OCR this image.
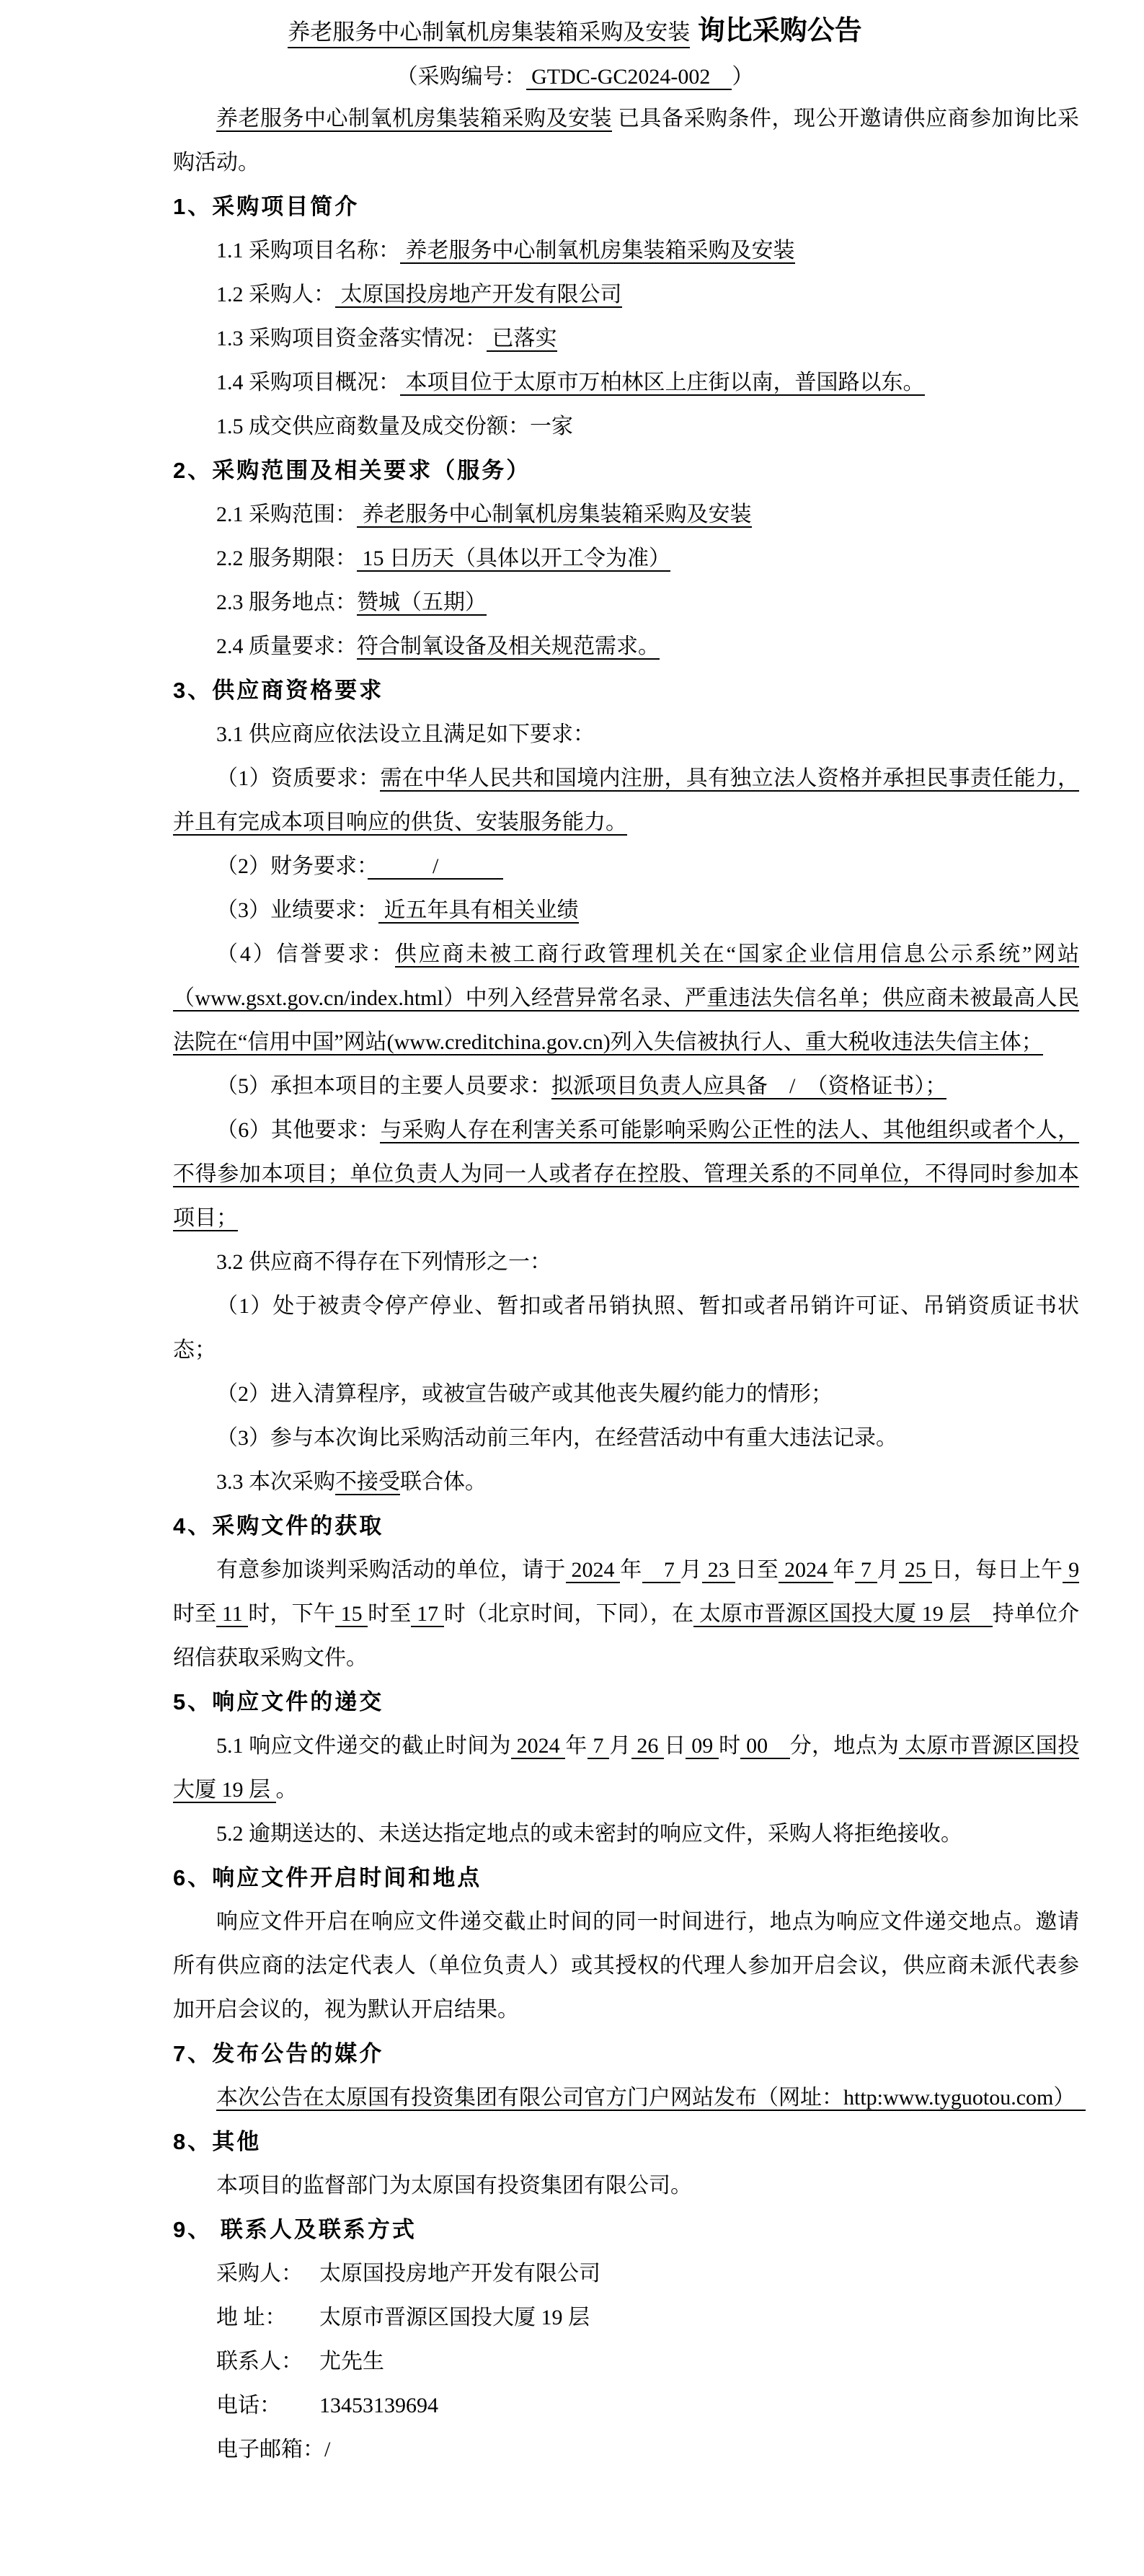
养老服务中心制氧机房集装箱采购及安装 询比采购公告
（采购编号： GTDC-GC2024-002　）
养老服务中心制氧机房集装箱采购及安装 已具备采购条件，现公开邀请供应商参加询比采购活动。
1、采购项目简介
1.1 采购项目名称： 养老服务中心制氧机房集装箱采购及安装
1.2 采购人： 太原国投房地产开发有限公司
1.3 采购项目资金落实情况： 已落实
1.4 采购项目概况： 本项目位于太原市万柏林区上庄街以南，普国路以东。
1.5 成交供应商数量及成交份额：一家
2、采购范围及相关要求（服务）
2.1 采购范围： 养老服务中心制氧机房集装箱采购及安装
2.2 服务期限： 15 日历天（具体以开工令为准）
2.3 服务地点：赞城（五期）
2.4 质量要求：符合制氧设备及相关规范需求。
3、供应商资格要求
3.1 供应商应依法设立且满足如下要求：
（1）资质要求：需在中华人民共和国境内注册，具有独立法人资格并承担民事责任能力，并且有完成本项目响应的供货、安装服务能力。
（2）财务要求：　　　/　　　
（3）业绩要求： 近五年具有相关业绩
（4）信誉要求：供应商未被工商行政管理机关在“国家企业信用信息公示系统”网站（www.gsxt.gov.cn/index.html）中列入经营异常名录、严重违法失信名单；供应商未被最高人民法院在“信用中国”网站(www.creditchina.gov.cn)列入失信被执行人、重大税收违法失信主体；
（5）承担本项目的主要人员要求：拟派项目负责人应具备　/　（资格证书）；
（6）其他要求：与采购人存在利害关系可能影响采购公正性的法人、其他组织或者个人，不得参加本项目；单位负责人为同一人或者存在控股、管理关系的不同单位，不得同时参加本项目；
3.2 供应商不得存在下列情形之一：
（1）处于被责令停产停业、暂扣或者吊销执照、暂扣或者吊销许可证、吊销资质证书状态；
（2）进入清算程序，或被宣告破产或其他丧失履约能力的情形；
（3）参与本次询比采购活动前三年内，在经营活动中有重大违法记录。
3.3 本次采购不接受联合体。
4、采购文件的获取
有意参加谈判采购活动的单位，请于 2024 年　7 月 23 日至 2024 年 7 月 25 日，每日上午 9 时至 11 时，下午 15 时至 17 时（北京时间，下同），在 太原市晋源区国投大厦 19 层　持单位介绍信获取采购文件。
5、响应文件的递交
5.1 响应文件递交的截止时间为 2024 年 7 月 26 日 09 时 00　分，地点为 太原市晋源区国投大厦 19 层 。
5.2 逾期送达的、未送达指定地点的或未密封的响应文件，采购人将拒绝接收。
6、响应文件开启时间和地点
响应文件开启在响应文件递交截止时间的同一时间进行，地点为响应文件递交地点。邀请所有供应商的法定代表人（单位负责人）或其授权的代理人参加开启会议，供应商未派代表参加开启会议的，视为默认开启结果。
7、发布公告的媒介
本次公告在太原国有投资集团有限公司官方门户网站发布（网址：http:www.tyguotou.com）　
8、其他
本项目的监督部门为太原国有投资集团有限公司。
9、 联系人及联系方式
采购人： 太原国投房地产开发有限公司
地 址： 太原市晋源区国投大厦 19 层
联系人： 尤先生
电话： 13453139694
电子邮箱：/
